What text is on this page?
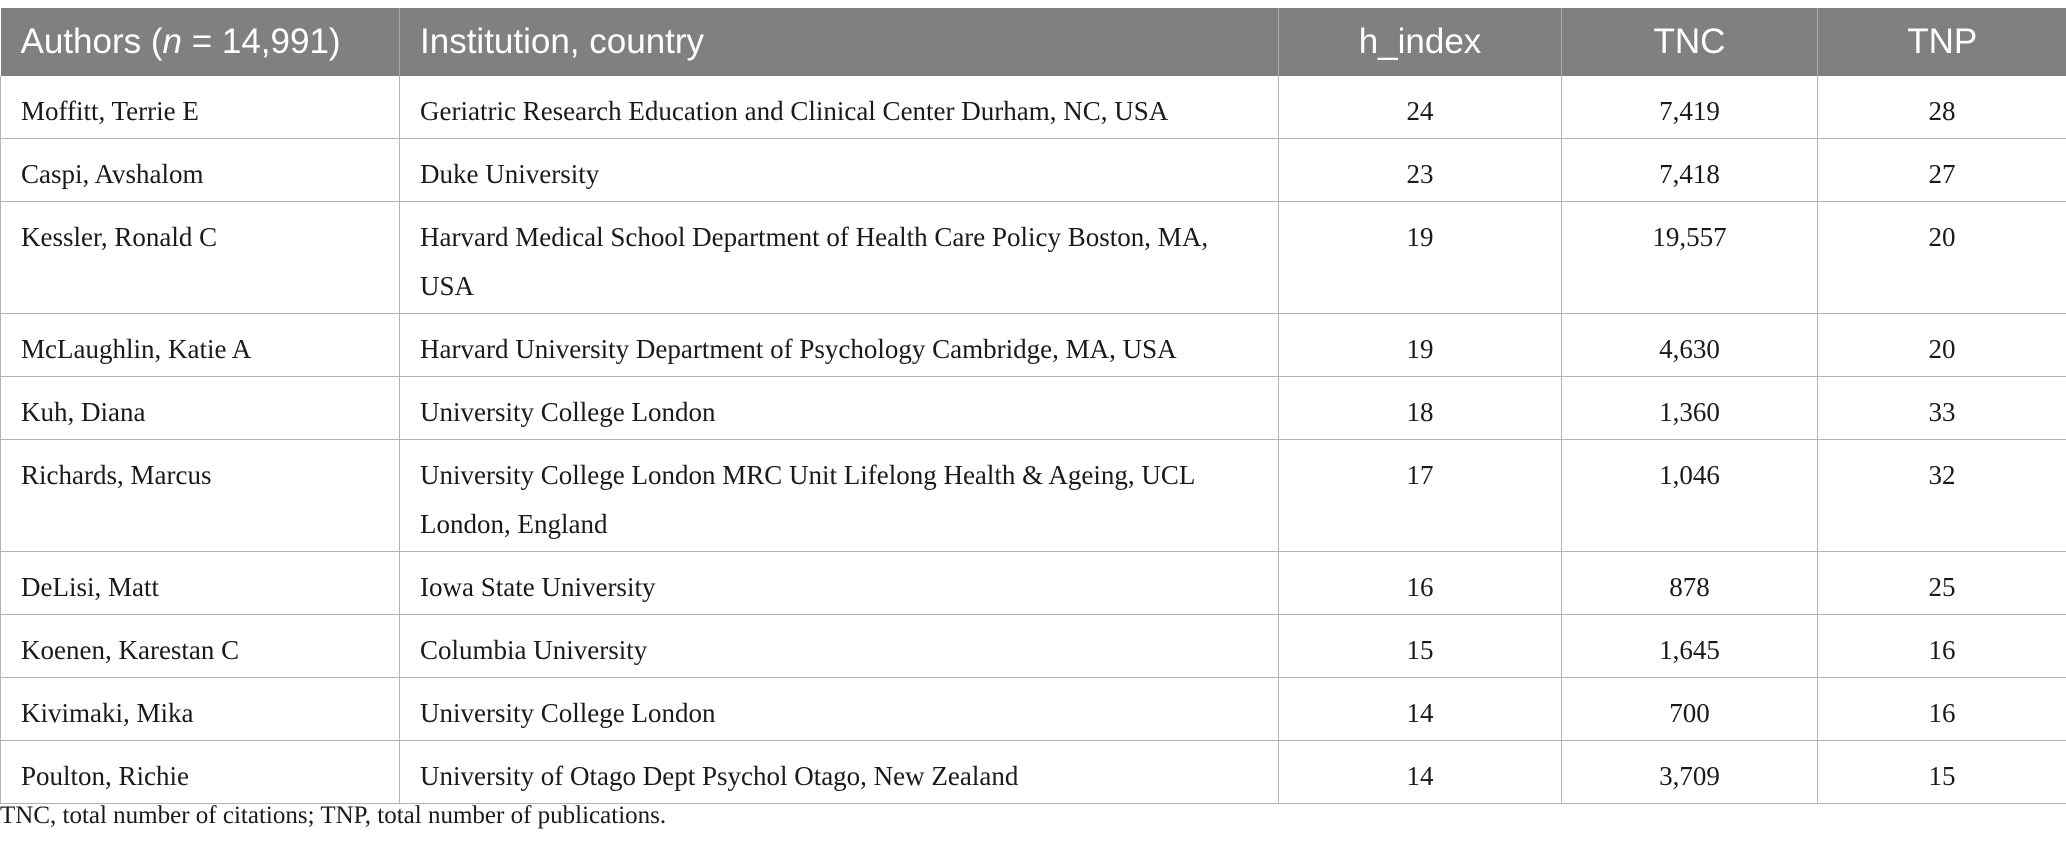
Authors (n = 14,991)	Institution, country	h_index	TNC	TNP
Moffitt, Terrie E	Geriatric Research Education and Clinical Center Durham, NC, USA	24	7,419	28
Caspi, Avshalom	Duke University	23	7,418	27
Kessler, Ronald C	Harvard Medical School Department of Health Care Policy Boston, MA, USA	19	19,557	20
McLaughlin, Katie A	Harvard University Department of Psychology Cambridge, MA, USA	19	4,630	20
Kuh, Diana	University College London	18	1,360	33
Richards, Marcus	University College London MRC Unit Lifelong Health & Ageing, UCL London, England	17	1,046	32
DeLisi, Matt	Iowa State University	16	878	25
Koenen, Karestan C	Columbia University	15	1,645	16
Kivimaki, Mika	University College London	14	700	16
Poulton, Richie	University of Otago Dept Psychol Otago, New Zealand	14	3,709	15
TNC, total number of citations; TNP, total number of publications.
